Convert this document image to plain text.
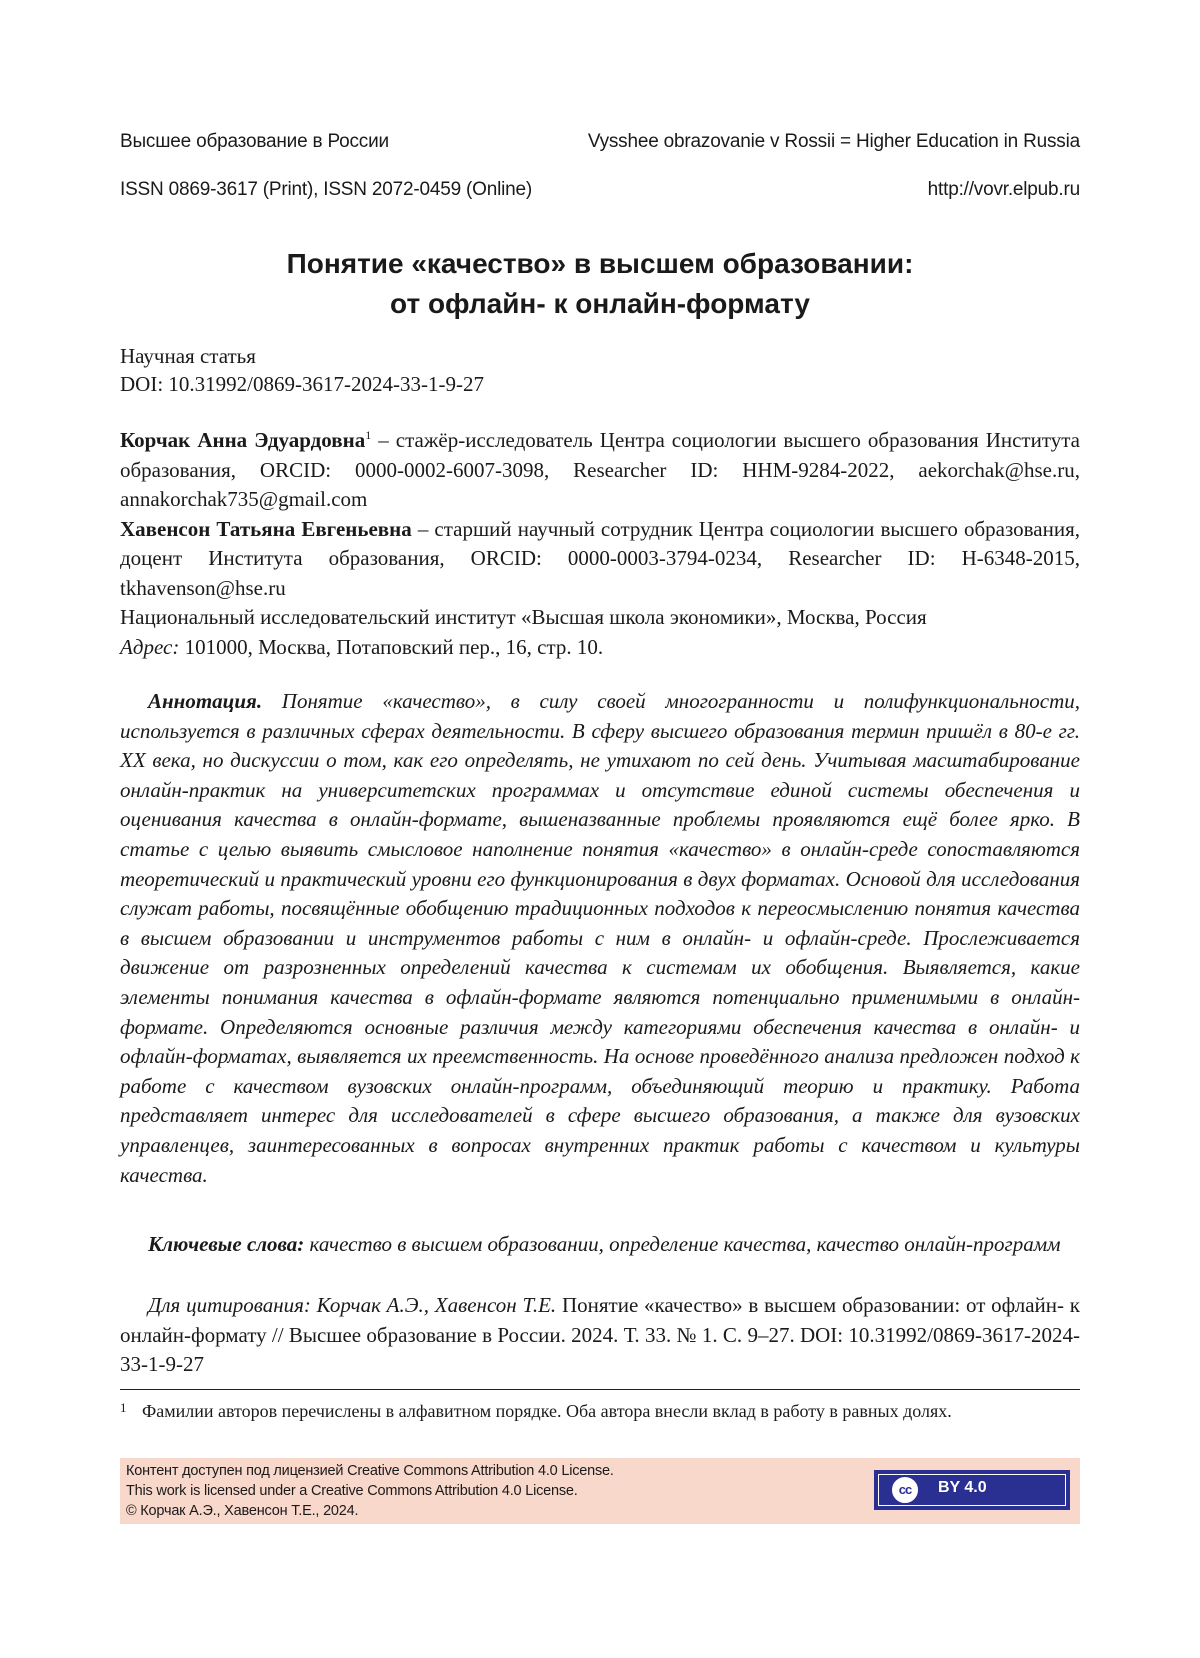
Высшее образование в России	Vysshee obrazovanie v Rossii = Higher Education in Russia
ISSN 0869-3617 (Print), ISSN 2072-0459 (Online)	http://vovr.elpub.ru
Понятие «качество» в высшем образовании:
от офлайн- к онлайн-формату
Научная статья
DOI: 10.31992/0869-3617-2024-33-1-9-27

Корчак Анна Эдуардовна$^1$ – стажёр-исследователь Центра социологии высшего образования Института образования, ORCID: 0000-0002-6007-3098, Researcher ID: HHM-9284-2022, aekorchak@hse.ru, annakorchak735@gmail.com

Хавенсон Татьяна Евгеньевна – старший научный сотрудник Центра социологии высшего образования, доцент Института образования, ORCID: 0000-0003-3794-0234, Researcher ID: H-6348-2015, tkhavenson@hse.ru

Национальный исследовательский институт «Высшая школа экономики», Москва, Россия

Адрес: 101000, Москва, Потаповский пер., 16, стр. 10.

Аннотация. Понятие «качество», в силу своей многогранности и полифункциональности, используется в различных сферах деятельности. В сферу высшего образования термин пришёл в 80-е гг. XX века, но дискуссии о том, как его определять, не утихают по сей день. Учитывая масштабирование онлайн-практик на университетских программах и отсутствие единой системы обеспечения и оценивания качества в онлайн-формате, вышеназванные проблемы проявляются ещё более ярко. В статье с целью выявить смысловое наполнение понятия «качество» в онлайн-среде сопоставляются теоретический и практический уровни его функционирования в двух форматах. Основой для исследования служат работы, посвящённые обобщению традиционных подходов к переосмыслению понятия качества в высшем образовании и инструментов работы с ним в онлайн- и офлайн-среде. Прослеживается движение от разрозненных определений качества к системам их обобщения. Выявляется, какие элементы понимания качества в офлайн-формате являются потенциально применимыми в онлайн-формате. Определяются основные различия между категориями обеспечения качества в онлайн- и офлайн-форматах, выявляется их преемственность. На основе проведённого анализа предложен подход к работе с качеством вузовских онлайн-программ, объединяющий теорию и практику. Работа представляет интерес для исследователей в сфере высшего образования, а также для вузовских управленцев, заинтересованных в вопросах внутренних практик работы с качеством и культуры качества.

Ключевые слова: качество в высшем образовании, определение качества, качество онлайн-программ

Для цитирования: Корчак А.Э., Хавенсон Т.Е. Понятие «качество» в высшем образовании: от офлайн- к онлайн-формату // Высшее образование в России. 2024. Т. 33. № 1. С. 9–27. DOI: 10.31992/0869-3617-2024-33-1-9-27

1 Фамилии авторов перечислены в алфавитном порядке. Оба автора внесли вклад в работу в равных долях.
Контент доступен под лицензией Creative Commons Attribution 4.0 License.
This work is licensed under a Creative Commons Attribution 4.0 License.
© Корчак А.Э., Хавенсон Т.Е., 2024.
cc	BY 4.0
